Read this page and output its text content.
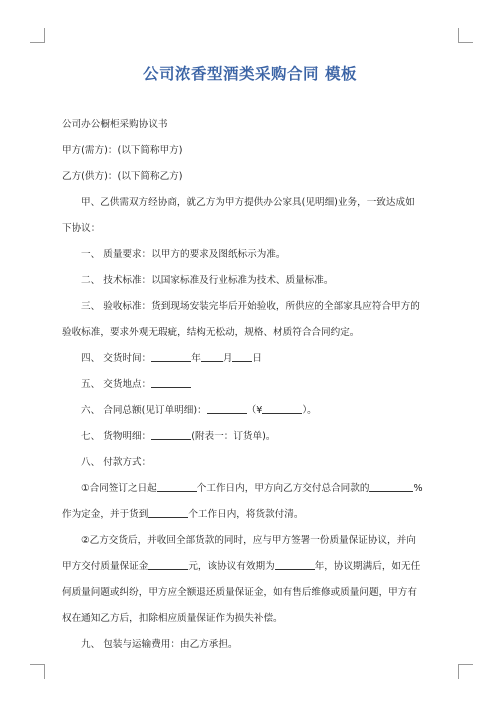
公司浓香型酒类采购合同 模板
公司办公橱柜采购协议书
甲方(需方)：(以下简称甲方)
乙方(供方)：(以下简称乙方)
甲、乙供需双方经协商，就乙方为甲方提供办公家具(见明细)业务，一致达成如
下协议：
一、 质量要求：以甲方的要求及图纸标示为准。
二、 技术标准：以国家标准及行业标准为技术、质量标准。
三、 验收标准：货到现场安装完毕后开始验收，所供应的全部家具应符合甲方的
验收标准，要求外观无瑕疵，结构无松动，规格、材质符合合同约定。
四、 交货时间：	年 月 日
五、 交货地点：
六、 合同总额(见订单明细)：	（¥	）。
七、 货物明细：	(附表一：订货单)。
八、 付款方式：
①合同签订之日起	个工作日内，甲方向乙方交付总合同款的	%
作为定金，并于货到	个工作日内，将货款付清。
②乙方交货后，并收回全部货款的同时，应与甲方签署一份质量保证协议，并向
甲方交付质量保证金	元，该协议有效期为	年，协议期满后，如无任
何质量问题或纠纷，甲方应全额退还质量保证金，如有售后维修或质量问题，甲方有
权在通知乙方后，扣除相应质量保证作为损失补偿。
九、 包装与运输费用：由乙方承担。
